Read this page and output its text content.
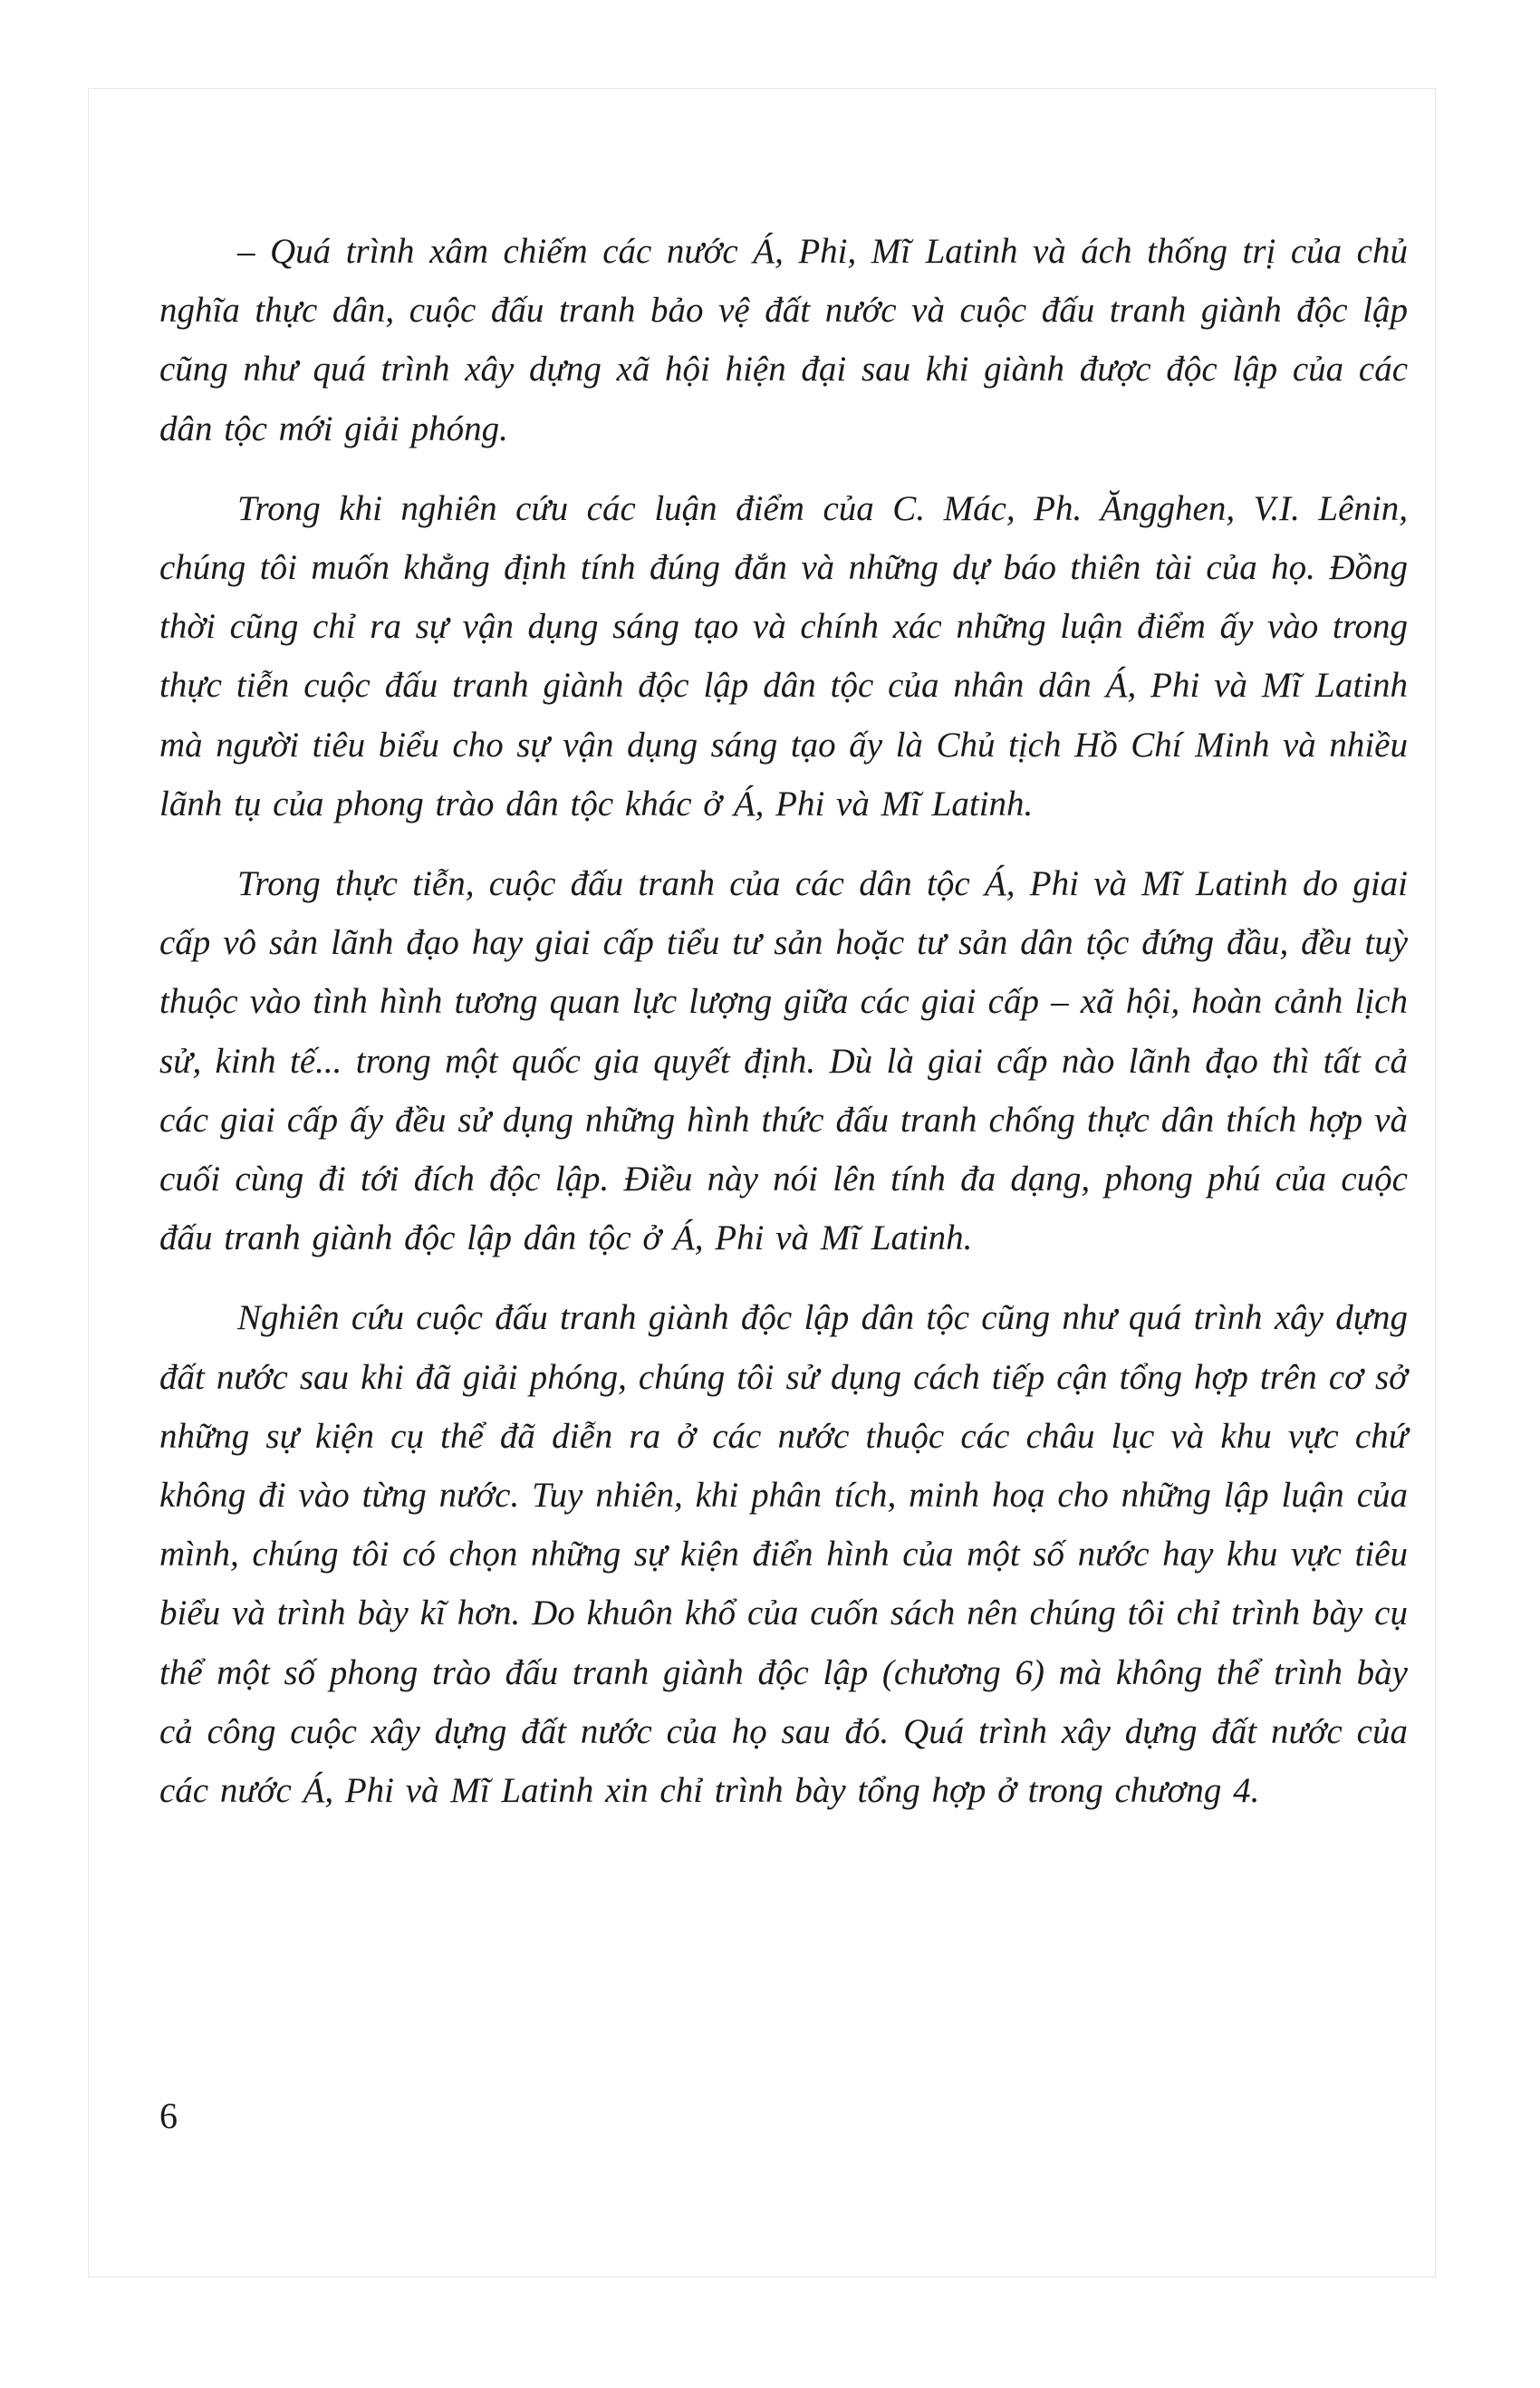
– Quá trình xâm chiếm các nước Á, Phi, Mĩ Latinh và ách thống trị của chủ nghĩa thực dân, cuộc đấu tranh bảo vệ đất nước và cuộc đấu tranh giành độc lập cũng như quá trình xây dựng xã hội hiện đại sau khi giành được độc lập của các dân tộc mới giải phóng.

Trong khi nghiên cứu các luận điểm của C. Mác, Ph. Ăngghen, V.I. Lênin, chúng tôi muốn khẳng định tính đúng đắn và những dự báo thiên tài của họ. Đồng thời cũng chỉ ra sự vận dụng sáng tạo và chính xác những luận điểm ấy vào trong thực tiễn cuộc đấu tranh giành độc lập dân tộc của nhân dân Á, Phi và Mĩ Latinh mà người tiêu biểu cho sự vận dụng sáng tạo ấy là Chủ tịch Hồ Chí Minh và nhiều lãnh tụ của phong trào dân tộc khác ở Á, Phi và Mĩ Latinh.

Trong thực tiễn, cuộc đấu tranh của các dân tộc Á, Phi và Mĩ Latinh do giai cấp vô sản lãnh đạo hay giai cấp tiểu tư sản hoặc tư sản dân tộc đứng đầu, đều tuỳ thuộc vào tình hình tương quan lực lượng giữa các giai cấp – xã hội, hoàn cảnh lịch sử, kinh tế... trong một quốc gia quyết định. Dù là giai cấp nào lãnh đạo thì tất cả các giai cấp ấy đều sử dụng những hình thức đấu tranh chống thực dân thích hợp và cuối cùng đi tới đích độc lập. Điều này nói lên tính đa dạng, phong phú của cuộc đấu tranh giành độc lập dân tộc ở Á, Phi và Mĩ Latinh.

Nghiên cứu cuộc đấu tranh giành độc lập dân tộc cũng như quá trình xây dựng đất nước sau khi đã giải phóng, chúng tôi sử dụng cách tiếp cận tổng hợp trên cơ sở những sự kiện cụ thể đã diễn ra ở các nước thuộc các châu lục và khu vực chứ không đi vào từng nước. Tuy nhiên, khi phân tích, minh hoạ cho những lập luận của mình, chúng tôi có chọn những sự kiện điển hình của một số nước hay khu vực tiêu biểu và trình bày kĩ hơn. Do khuôn khổ của cuốn sách nên chúng tôi chỉ trình bày cụ thể một số phong trào đấu tranh giành độc lập (chương 6) mà không thể trình bày cả công cuộc xây dựng đất nước của họ sau đó. Quá trình xây dựng đất nước của các nước Á, Phi và Mĩ Latinh xin chỉ trình bày tổng hợp ở trong chương 4.

6
